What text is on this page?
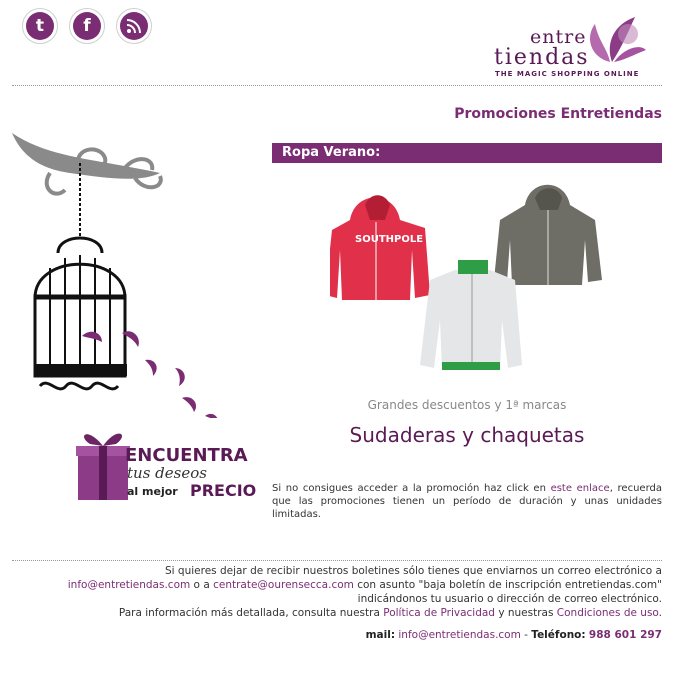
t	f	entre
tiendas
THE MAGIC SHOPPING ONLINE
ENCUENTRA
tus deseos
al mejor PRECIO
Promociones Entretiendas
Ropa Verano:
SOUTHPOLE
Grandes descuentos y 1ª marcas
Sudaderas y chaquetas
Si no consigues acceder a la promoción haz click en este enlace, recuerda que las promociones tienen un período de duración y unas unidades limitadas.
Si quieres dejar de recibir nuestros boletines sólo tienes que enviarnos un correo electrónico a
info@entretiendas.com o a centrate@ourensecca.com con asunto "baja boletín de inscripción entretiendas.com"
indicándonos tu usuario o dirección de correo electrónico.
Para información más detallada, consulta nuestra Política de Privacidad y nuestras Condiciones de uso.
mail: info@entretiendas.com - Teléfono: 988 601 297
